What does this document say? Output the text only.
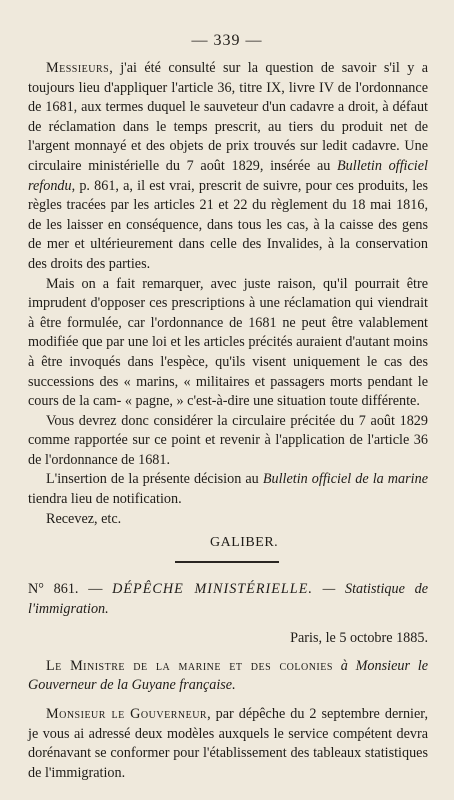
— 339 —

Messieurs, j'ai été consulté sur la question de savoir s'il y a toujours lieu d'appliquer l'article 36, titre IX, livre IV de l'ordonnance de 1681, aux termes duquel le sauveteur d'un cadavre a droit, à défaut de réclamation dans le temps prescrit, au tiers du produit net de l'argent monnayé et des objets de prix trouvés sur ledit cadavre. Une circulaire ministérielle du 7 août 1829, insérée au Bulletin officiel refondu, p. 861, a, il est vrai, prescrit de suivre, pour ces produits, les règles tracées par les articles 21 et 22 du règlement du 18 mai 1816, de les laisser en conséquence, dans tous les cas, à la caisse des gens de mer et ultérieurement dans celle des Invalides, à la conservation des droits des parties.

Mais on a fait remarquer, avec juste raison, qu'il pourrait être imprudent d'opposer ces prescriptions à une réclamation qui viendrait à être formulée, car l'ordonnance de 1681 ne peut être valablement modifiée que par une loi et les articles précités auraient d'autant moins à être invoqués dans l'espèce, qu'ils visent uniquement le cas des successions des « marins, « militaires et passagers morts pendant le cours de la cam- « pagne, » c'est-à-dire une situation toute différente.

Vous devrez donc considérer la circulaire précitée du 7 août 1829 comme rapportée sur ce point et revenir à l'application de l'article 36 de l'ordonnance de 1681.

L'insertion de la présente décision au Bulletin officiel de la marine tiendra lieu de notification.

Recevez, etc.

GALIBER.

N° 861. — DÉPÊCHE MINISTÉRIELLE. — Statistique de l'immigration.

Paris, le 5 octobre 1885.

Le Ministre de la marine et des colonies à Monsieur le Gouverneur de la Guyane française.

Monsieur le Gouverneur, par dépêche du 2 septembre dernier, je vous ai adressé deux modèles auxquels le service compétent devra dorénavant se conformer pour l'établissement des tableaux statistiques de l'immigration.
